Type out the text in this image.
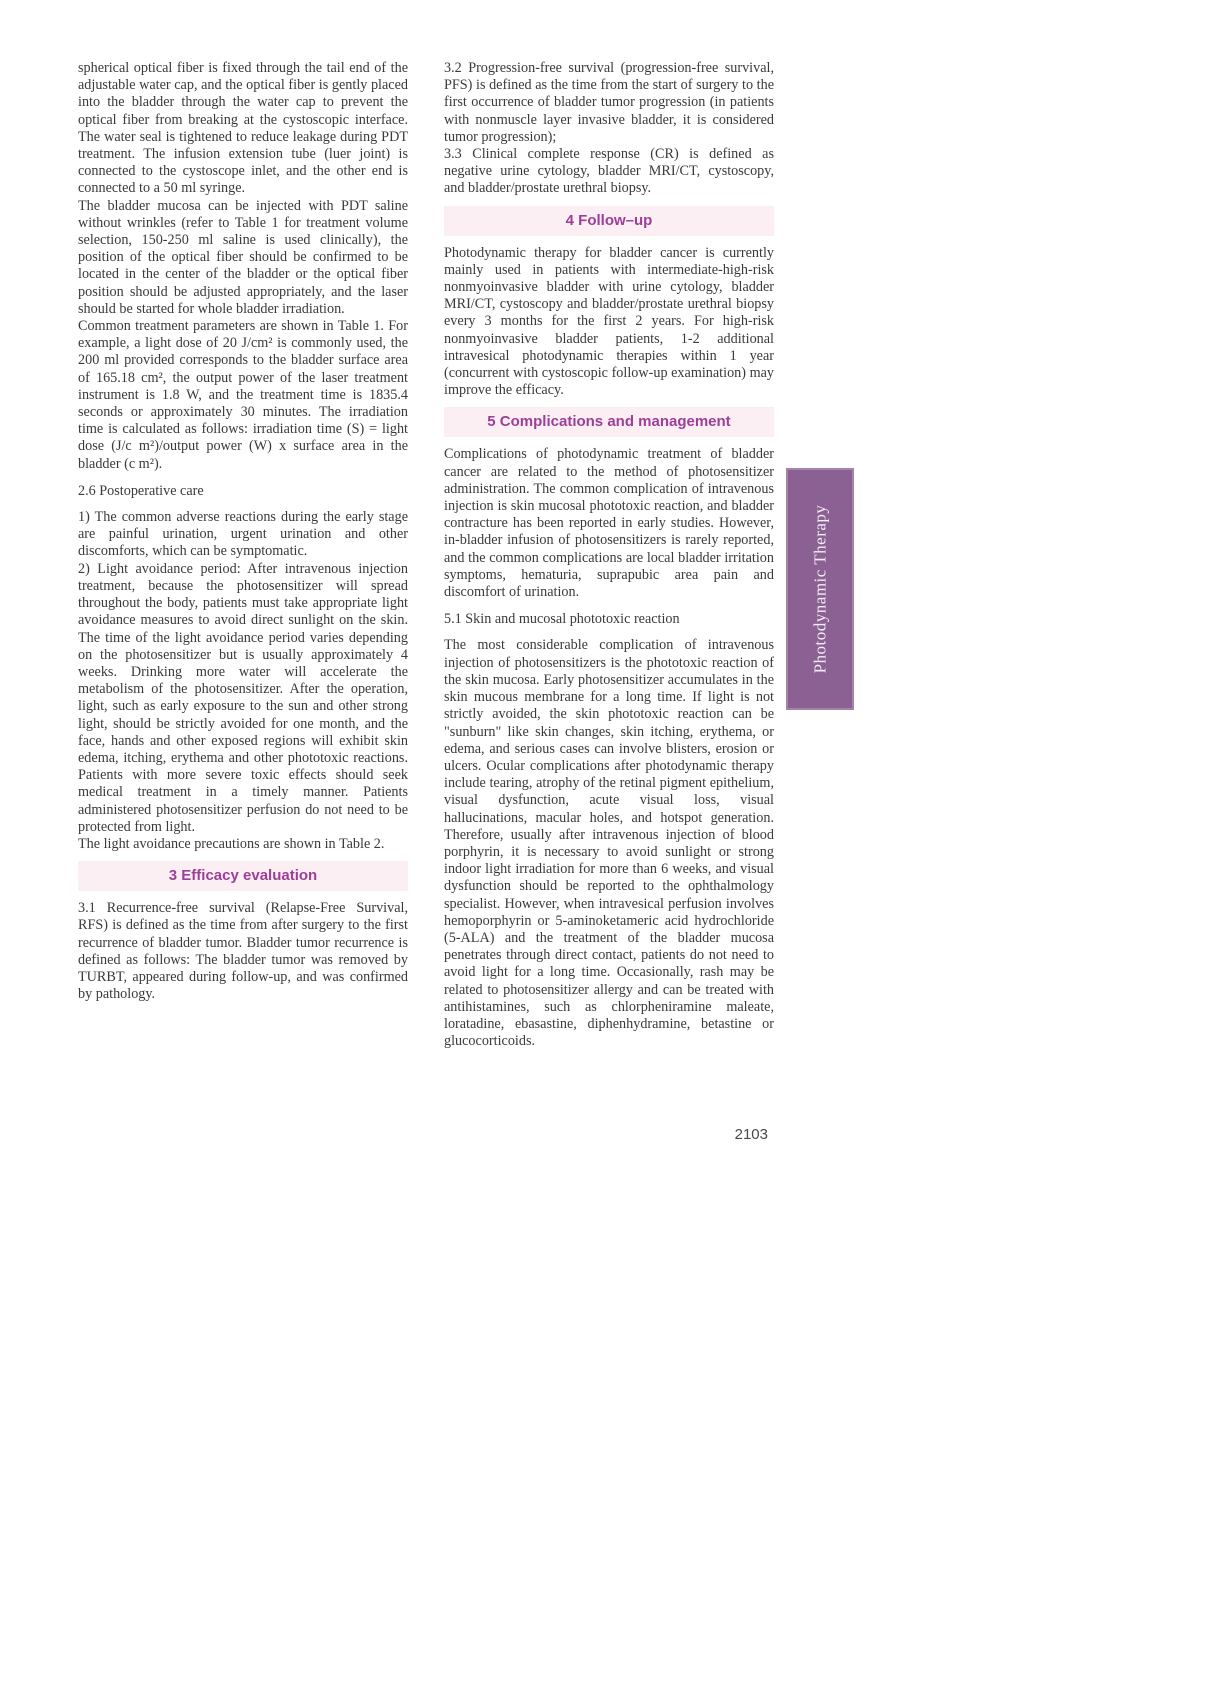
spherical optical fiber is fixed through the tail end of the adjustable water cap, and the optical fiber is gently placed into the bladder through the water cap to prevent the optical fiber from breaking at the cystoscopic interface. The water seal is tightened to reduce leakage during PDT treatment. The infusion extension tube (luer joint) is connected to the cystoscope inlet, and the other end is connected to a 50 ml syringe.

The bladder mucosa can be injected with PDT saline without wrinkles (refer to Table 1 for treatment volume selection, 150-250 ml saline is used clinically), the position of the optical fiber should be confirmed to be located in the center of the bladder or the optical fiber position should be adjusted appropriately, and the laser should be started for whole bladder irradiation.

Common treatment parameters are shown in Table 1. For example, a light dose of 20 J/cm² is commonly used, the 200 ml provided corresponds to the bladder surface area of 165.18 cm², the output power of the laser treatment instrument is 1.8 W, and the treatment time is 1835.4 seconds or approximately 30 minutes. The irradiation time is calculated as follows: irradiation time (S) = light dose (J/c m²)/output power (W) x surface area in the bladder (c m²).

2.6 Postoperative care

1) The common adverse reactions during the early stage are painful urination, urgent urination and other discomforts, which can be symptomatic.

2) Light avoidance period: After intravenous injection treatment, because the photosensitizer will spread throughout the body, patients must take appropriate light avoidance measures to avoid direct sunlight on the skin. The time of the light avoidance period varies depending on the photosensitizer but is usually approximately 4 weeks. Drinking more water will accelerate the metabolism of the photosensitizer. After the operation, light, such as early exposure to the sun and other strong light, should be strictly avoided for one month, and the face, hands and other exposed regions will exhibit skin edema, itching, erythema and other phototoxic reactions. Patients with more severe toxic effects should seek medical treatment in a timely manner. Patients administered photosensitizer perfusion do not need to be protected from light.

The light avoidance precautions are shown in Table 2.

3 Efficacy evaluation

3.1 Recurrence-free survival (Relapse-Free Survival, RFS) is defined as the time from after surgery to the first recurrence of bladder tumor. Bladder tumor recurrence is defined as follows: The bladder tumor was removed by TURBT, appeared during follow-up, and was confirmed by pathology.

3.2 Progression-free survival (progression-free survival, PFS) is defined as the time from the start of surgery to the first occurrence of bladder tumor progression (in patients with nonmuscle layer invasive bladder, it is considered tumor progression);

3.3 Clinical complete response (CR) is defined as negative urine cytology, bladder MRI/CT, cystoscopy, and bladder/prostate urethral biopsy.

4 Follow–up

Photodynamic therapy for bladder cancer is currently mainly used in patients with intermediate-high-risk nonmyoinvasive bladder with urine cytology, bladder MRI/CT, cystoscopy and bladder/prostate urethral biopsy every 3 months for the first 2 years. For high-risk nonmyoinvasive bladder patients, 1-2 additional intravesical photodynamic therapies within 1 year (concurrent with cystoscopic follow-up examination) may improve the efficacy.

5 Complications and management

Complications of photodynamic treatment of bladder cancer are related to the method of photosensitizer administration. The common complication of intravenous injection is skin mucosal phototoxic reaction, and bladder contracture has been reported in early studies. However, in-bladder infusion of photosensitizers is rarely reported, and the common complications are local bladder irritation symptoms, hematuria, suprapubic area pain and discomfort of urination.

5.1 Skin and mucosal phototoxic reaction

The most considerable complication of intravenous injection of photosensitizers is the phototoxic reaction of the skin mucosa. Early photosensitizer accumulates in the skin mucous membrane for a long time. If light is not strictly avoided, the skin phototoxic reaction can be "sunburn" like skin changes, skin itching, erythema, or edema, and serious cases can involve blisters, erosion or ulcers. Ocular complications after photodynamic therapy include tearing, atrophy of the retinal pigment epithelium, visual dysfunction, acute visual loss, visual hallucinations, macular holes, and hotspot generation. Therefore, usually after intravenous injection of blood porphyrin, it is necessary to avoid sunlight or strong indoor light irradiation for more than 6 weeks, and visual dysfunction should be reported to the ophthalmology specialist. However, when intravesical perfusion involves hemoporphyrin or 5-aminoketameric acid hydrochloride (5-ALA) and the treatment of the bladder mucosa penetrates through direct contact, patients do not need to avoid light for a long time. Occasionally, rash may be related to photosensitizer allergy and can be treated with antihistamines, such as chlorpheniramine maleate, loratadine, ebasastine, diphenhydramine, betastine or glucocorticoids.

Photodynamic Therapy
2103
